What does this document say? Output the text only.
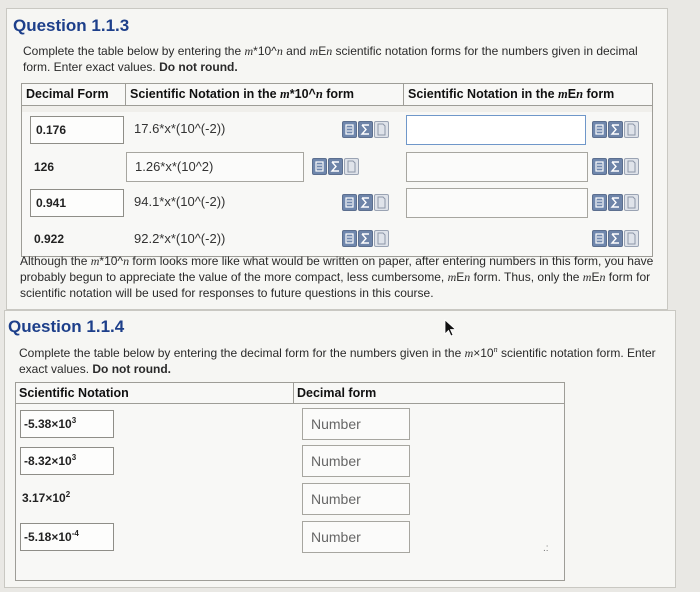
Question 1.1.3
Complete the table below by entering the m*10^n and mEn scientific notation forms for the numbers given in decimal form. Enter exact values. Do not round.
Decimal Form	Scientific Notation in the m*10^n form	Scientific Notation in the mEn form
0.176	17.6*x*(10^(-2))
126	1.26*x*(10^2)
0.941	94.1*x*(10^(-2))
0.922	92.2*x*(10^(-2))
Although the m*10^n form looks more like what would be written on paper, after entering numbers in this form, you have probably begun to appreciate the value of the more compact, less cumbersome, mEn form. Thus, only the mEn form for scientific notation will be used for responses to future questions in this course.
Question 1.1.4
Complete the table below by entering the decimal form for the numbers given in the $m\times 10^n$ scientific notation form. Enter exact values. Do not round.
Scientific Notation	Decimal form
$-5.38\times 10^3$	Number
$-8.32\times 10^3$	Number
$3.17\times 10^2$	Number
$-5.18\times 10^{-4}$	Number
.:
